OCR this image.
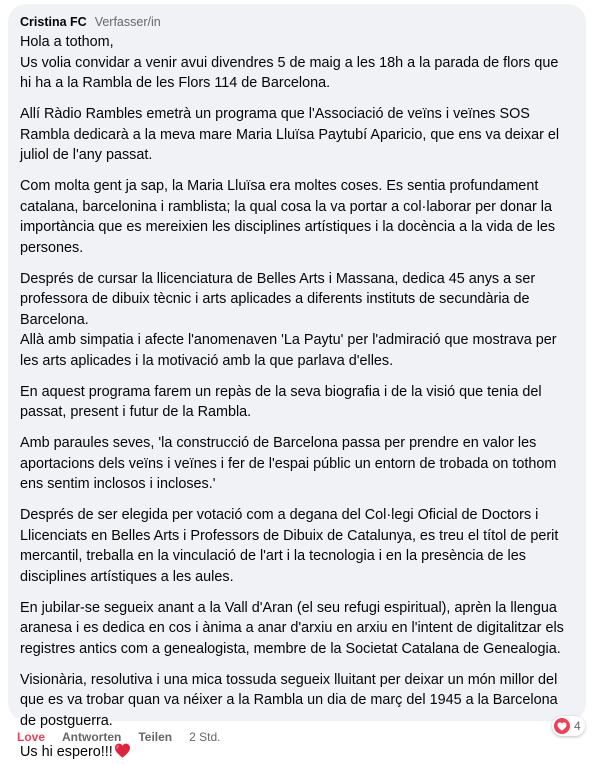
Cristina FC Verfasser/in

Hola a tothom,
Us volia convidar a venir avui divendres 5 de maig a les 18h a la parada de flors que
hi ha a la Rambla de les Flors 114 de Barcelona.

Allí Ràdio Rambles emetrà un programa que l'Associació de veïns i veïnes SOS
Rambla dedicarà a la meva mare Maria Lluïsa Paytubí Aparicio, que ens va deixar el
juliol de l'any passat.

Com molta gent ja sap, la Maria Lluïsa era moltes coses. Es sentia profundament
catalana, barcelonina i ramblista; la qual cosa la va portar a col·laborar per donar la
importància que es mereixien les disciplines artístiques i la docència a la vida de les
persones.

Després de cursar la llicenciatura de Belles Arts i Massana, dedica 45 anys a ser
professora de dibuix tècnic i arts aplicades a diferents instituts de secundària de
Barcelona.
Allà amb simpatia i afecte l'anomenaven 'La Paytu' per l'admiració que mostrava per
les arts aplicades i la motivació amb la que parlava d'elles.

En aquest programa farem un repàs de la seva biografia i de la visió que tenia del
passat, present i futur de la Rambla.

Amb paraules seves, 'la construcció de Barcelona passa per prendre en valor les
aportacions dels veïns i veïnes i fer de l'espai públic un entorn de trobada on tothom
ens sentim inclosos i incloses.'

Després de ser elegida per votació com a degana del Col·legi Oficial de Doctors i
Llicenciats en Belles Arts i Professors de Dibuix de Catalunya, es treu el títol de perit
mercantil, treballa en la vinculació de l'art i la tecnologia i en la presència de les
disciplines artístiques a les aules.

En jubilar-se segueix anant a la Vall d'Aran (el seu refugi espiritual), aprèn la llengua
aranesa i es dedica en cos i ànima a anar d'arxiu en arxiu en l'intent de digitalitzar els
registres antics com a genealogista, membre de la Societat Catalana de Genealogia.

Visionària, resolutiva i una mica tossuda segueix lluitant per deixar un món millor del
que es va trobar quan va néixer a la Rambla un dia de març del 1945 a la Barcelona
de postguerra.

Us hi espero!!!

4
Love Antworten Teilen 2 Std.
